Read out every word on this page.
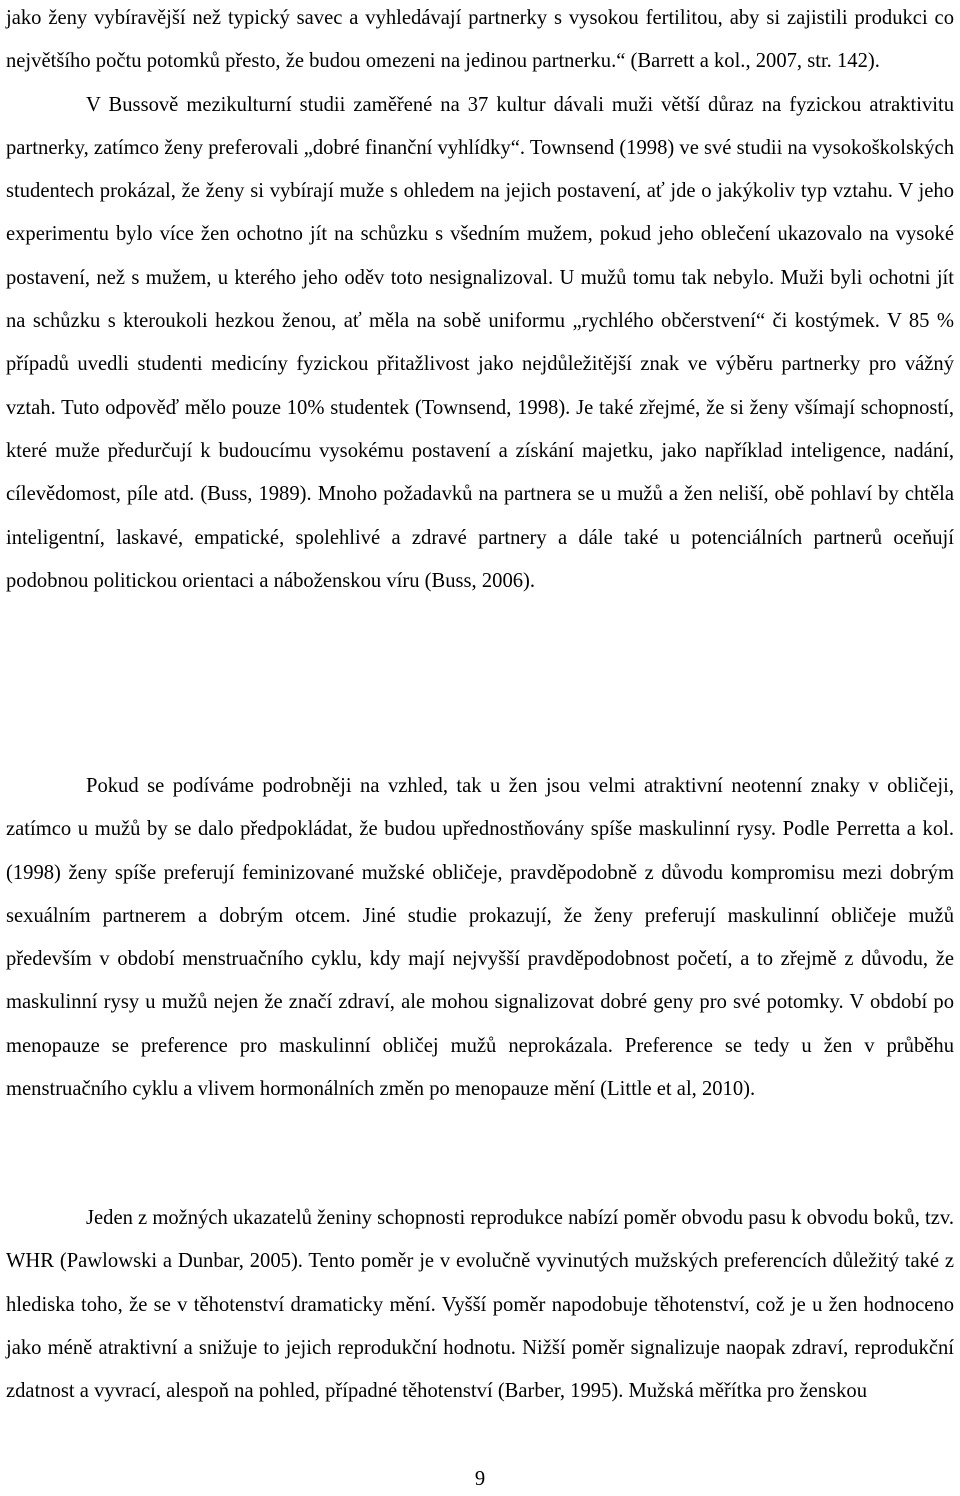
jako ženy vybíravější než typický savec a vyhledávají partnerky s vysokou fertilitou, aby si zajistili produkci co největšího počtu potomků přesto, že budou omezeni na jedinou partnerku.“ (Barrett a kol., 2007, str. 142).

V Bussově mezikulturní studii zaměřené na 37 kultur dávali muži větší důraz na fyzickou atraktivitu partnerky, zatímco ženy preferovali „dobré finanční vyhlídky“. Townsend (1998) ve své studii na vysokoškolských studentech prokázal, že ženy si vybírají muže s ohledem na jejich postavení, ať jde o jakýkoliv typ vztahu. V jeho experimentu bylo více žen ochotno jít na schůzku s všedním mužem, pokud jeho oblečení ukazovalo na vysoké postavení, než s mužem, u kterého jeho oděv toto nesignalizoval. U mužů tomu tak nebylo. Muži byli ochotni jít na schůzku s kteroukoli hezkou ženou, ať měla na sobě uniformu „rychlého občerstvení“ či kostýmek. V 85 % případů uvedli studenti medicíny fyzickou přitažlivost jako nejdůležitější znak ve výběru partnerky pro vážný vztah. Tuto odpověď mělo pouze 10% studentek (Townsend, 1998). Je také zřejmé, že si ženy všímají schopností, které muže předurčují k budoucímu vysokému postavení a získání majetku, jako například inteligence, nadání, cílevědomost, píle atd. (Buss, 1989). Mnoho požadavků na partnera se u mužů a žen neliší, obě pohlaví by chtěla inteligentní, laskavé, empatické, spolehlivé a zdravé partnery a dále také u potenciálních partnerů oceňují podobnou politickou orientaci a náboženskou víru (Buss, 2006).

Pokud se podíváme podrobněji na vzhled, tak u žen jsou velmi atraktivní neotenní znaky v obličeji, zatímco u mužů by se dalo předpokládat, že budou upřednostňovány spíše maskulinní rysy. Podle Perretta a kol. (1998) ženy spíše preferují feminizované mužské obličeje, pravděpodobně z důvodu kompromisu mezi dobrým sexuálním partnerem a dobrým otcem. Jiné studie prokazují, že ženy preferují maskulinní obličeje mužů především v období menstruačního cyklu, kdy mají nejvyšší pravděpodobnost početí, a to zřejmě z důvodu, že maskulinní rysy u mužů nejen že značí zdraví, ale mohou signalizovat dobré geny pro své potomky. V období po menopauze se preference pro maskulinní obličej mužů neprokázala. Preference se tedy u žen v průběhu menstruačního cyklu a vlivem hormonálních změn po menopauze mění (Little et al, 2010).

Jeden z možných ukazatelů ženiny schopnosti reprodukce nabízí poměr obvodu pasu k obvodu boků, tzv. WHR (Pawlowski a Dunbar, 2005). Tento poměr je v evolučně vyvinutých mužských preferencích důležitý také z hlediska toho, že se v těhotenství dramaticky mění. Vyšší poměr napodobuje těhotenství, což je u žen hodnoceno jako méně atraktivní a snižuje to jejich reprodukční hodnotu. Nižší poměr signalizuje naopak zdraví, reprodukční zdatnost a vyvrací, alespoň na pohled, případné těhotenství (Barber, 1995). Mužská měřítka pro ženskou

9
